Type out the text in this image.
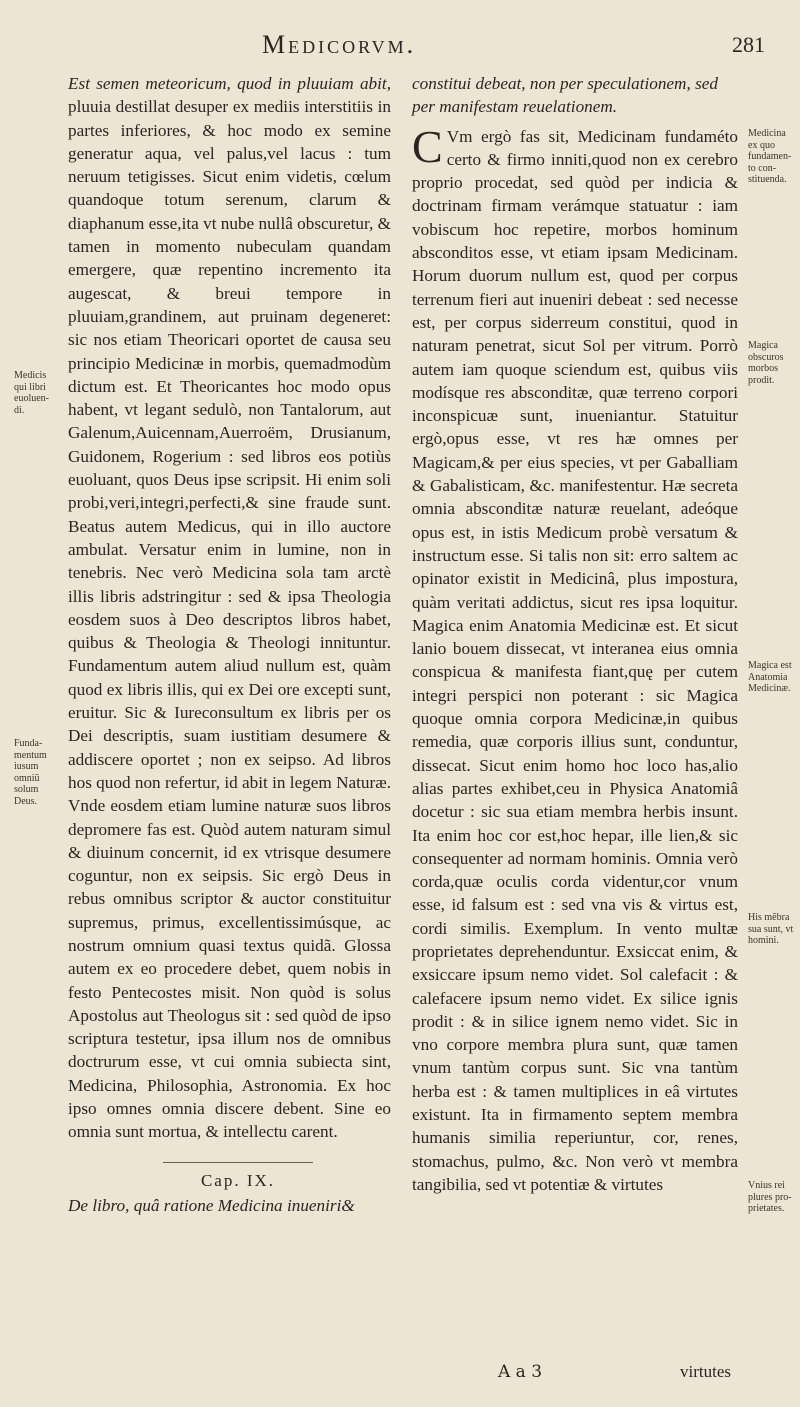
Medicorvm.	281
Medicis qui libri euoluendi.
Fundamentum iusum omniũ solum Deus.

Est semen meteoricum, quod in pluuiam abit, pluuia destillat desuper ex mediis interstitiis in partes inferiores, & hoc modo ex semine generatur aqua, vel palus,vel lacus : tum neruum tetigisses. Sicut enim videtis, cœlum quandoque totum serenum, clarum & diaphanum esse,ita vt nube nullâ obscuretur, & tamen in momento nubeculam quandam emergere, quæ repentino incremento ita augescat, & breui tempore in pluuiam,grandinem, aut pruinam degeneret: sic nos etiam Theoricari oportet de causa seu principio Medicinæ in morbis, quemadmodùm dictum est. Et Theoricantes hoc modo opus habent, vt legant sedulò, non Tantalorum, aut Galenum,Auicennam,Auerroëm, Drusianum, Guidonem, Rogerium : sed libros eos potiùs euoluant, quos Deus ipse scripsit. Hi enim soli probi,veri,integri,perfecti,& sine fraude sunt. Beatus autem Medicus, qui in illo auctore ambulat. Versatur enim in lumine, non in tenebris. Nec verò Medicina sola tam arctè illis libris adstringitur : sed & ipsa Theologia eosdem suos à Deo descriptos libros habet, quibus & Theologia & Theologi innituntur. Fundamentum autem aliud nullum est, quàm quod ex libris illis, qui ex Dei ore excepti sunt, eruitur. Sic & Iureconsultum ex libris per os Dei descriptis, suam iustitiam desumere & addiscere oportet ; non ex seipso. Ad libros hos quod non refertur, id abit in legem Naturæ. Vnde eosdem etiam lumine naturæ suos libros depromere fas est. Quòd autem naturam simul & diuinum concernit, id ex vtrisque desumere coguntur, non ex seipsis. Sic ergò Deus in rebus omnibus scriptor & auctor constituitur supremus, primus, excellentissimúsque, ac nostrum omnium quasi textus quidã. Glossa autem ex eo procedere debet, quem nobis in festo Pentecostes misit. Non quòd is solus Apostolus aut Theologus sit : sed quòd de ipso scriptura testetur, ipsa illum nos de omnibus doctrurum esse, vt cui omnia subiecta sint, Medicina, Philosophia, Astronomia. Ex hoc ipso omnes omnia discere debent. Sine eo omnia sunt mortua, & intellectu carent.

Cap. IX.

De libro, quâ ratione Medicina inueniri&

constitui debeat, non per speculationem, sed per manifestam reuelationem.

C Vm ergò fas sit, Medicinam fundaméto certo & firmo inniti,quod non ex cerebro proprio procedat, sed quòd per indicia & doctrinam firmam verámque statuatur : iam vobiscum hoc repetire, morbos hominum absconditos esse, vt etiam ipsam Medicinam. Horum duorum nullum est, quod per corpus terrenum fieri aut inueniri debeat : sed necesse est, per corpus siderreum constitui, quod in naturam penetrat, sicut Sol per vitrum. Porrò autem iam quoque sciendum est, quibus viis modísque res absconditæ, quæ terreno corpori inconspicuæ sunt, inueniantur. Statuitur ergò,opus esse, vt res hæ omnes per Magicam,& per eius species, vt per Gaballiam & Gabalisticam, &c. manifestentur. Hæ secreta omnia absconditæ naturæ reuelant, adeóque opus est, in istis Medicum probè versatum & instructum esse. Si talis non sit: erro saltem ac opinator existit in Medicinâ, plus impostura, quàm veritati addictus, sicut res ipsa loquitur. Magica enim Anatomia Medicinæ est. Et sicut lanio bouem dissecat, vt interanea eius omnia conspicua & manifesta fiant,quę per cutem integri perspici non poterant : sic Magica quoque omnia corpora Medicinæ,in quibus remedia, quæ corporis illius sunt, conduntur, dissecat. Sicut enim homo hoc loco has,alio alias partes exhibet,ceu in Physica Anatomiâ docetur : sic sua etiam membra herbis insunt. Ita enim hoc cor est,hoc hepar, ille lien,& sic consequenter ad normam hominis. Omnia verò corda,quæ oculis corda videntur,cor vnum esse, id falsum est : sed vna vis & virtus est, cordi similis. Exemplum. In vento multæ proprietates deprehenduntur. Exsiccat enim, & exsiccare ipsum nemo videt. Sol calefacit : & calefacere ipsum nemo videt. Ex silice ignis prodit : & in silice ignem nemo videt. Sic in vno corpore membra plura sunt, quæ tamen vnum tantùm corpus sunt. Sic vna tantùm herba est : & tamen multiplices in eâ virtutes existunt. Ita in firmamento septem membra humanis similia reperiuntur, cor, renes, stomachus, pulmo, &c. Non verò vt membra tangibilia, sed vt potentiæ & virtutes

Medicina ex quo fundamento constituenda.
Magica obscuros morbos prodit.
Magica est Anatomia Medicinæ.
His mẽbra sua sunt, vt homini.
Vnius rei plures proprietates.
A a 3	virtutes
